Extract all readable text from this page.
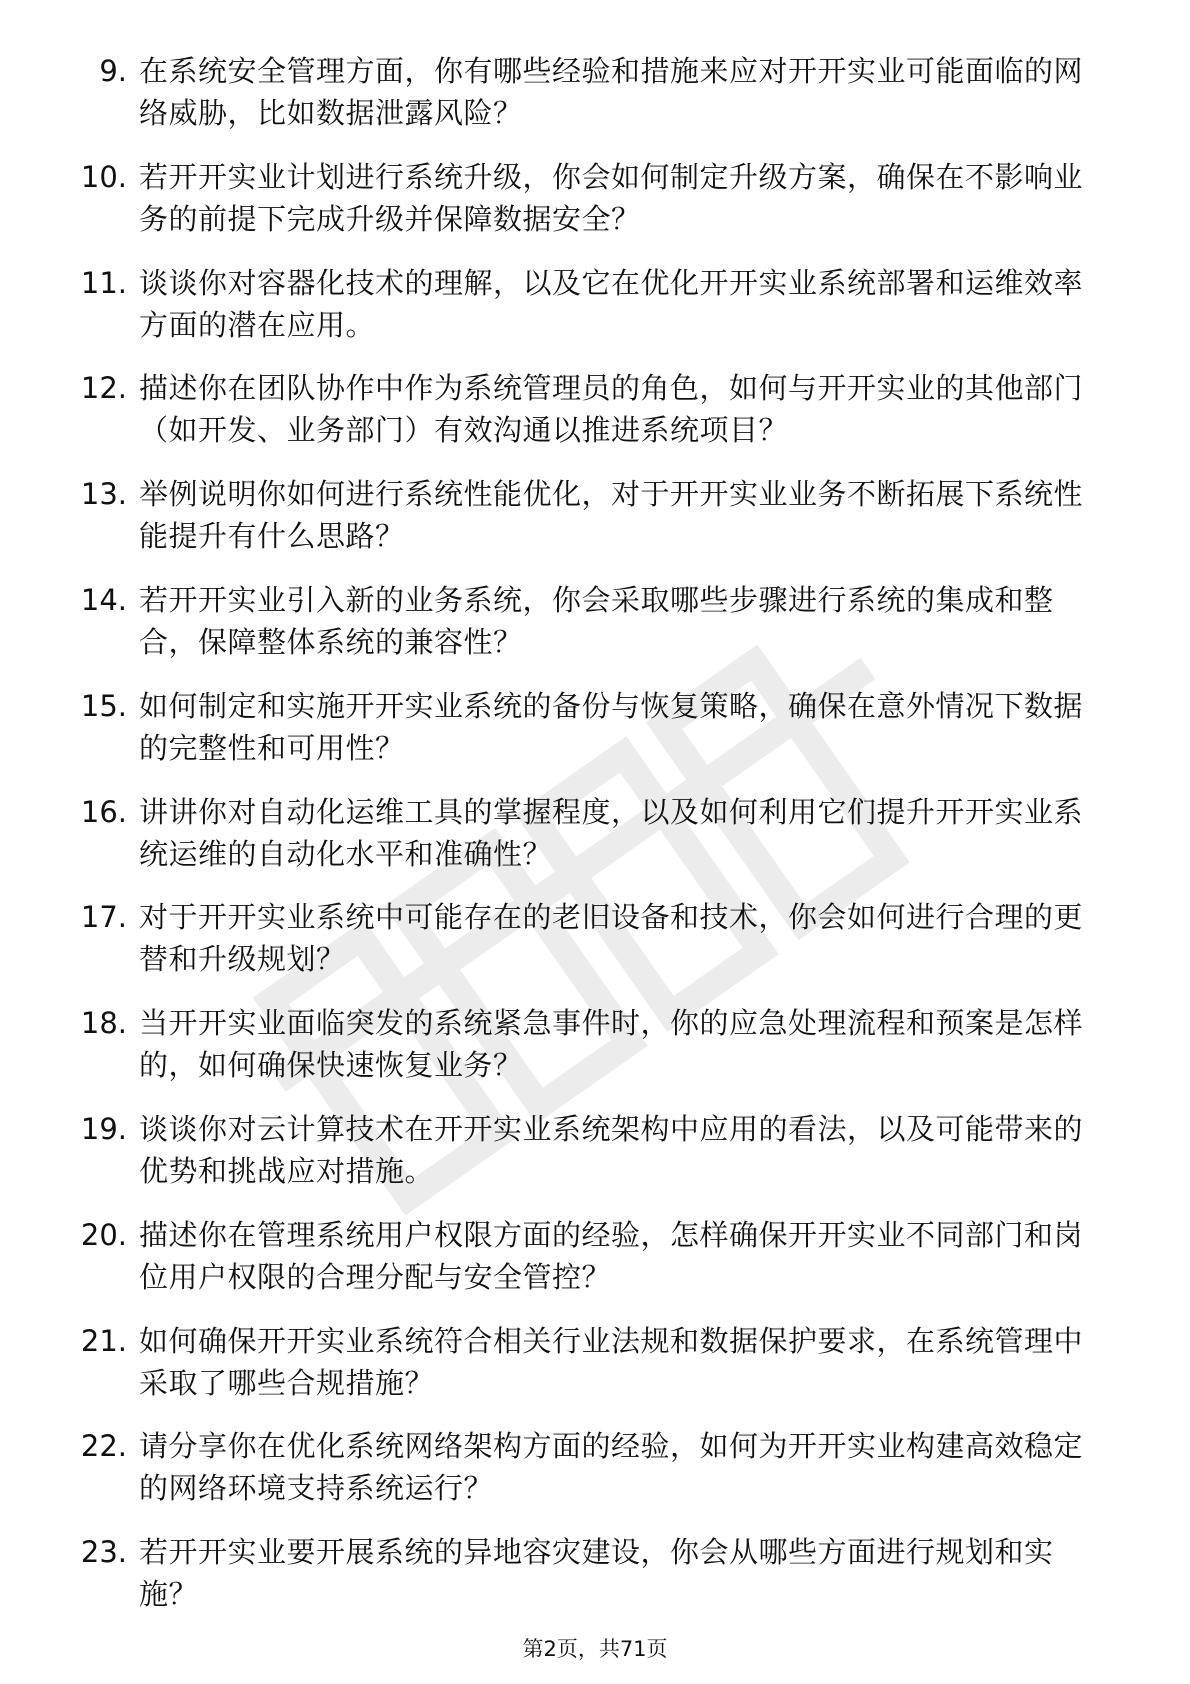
9. 在系统安全管理方面，你有哪些经验和措施来应对开开实业可能面临的网络威胁，比如数据泄露风险？
10. 若开开实业计划进行系统升级，你会如何制定升级方案，确保在不影响业务的前提下完成升级并保障数据安全？
11. 谈谈你对容器化技术的理解，以及它在优化开开实业系统部署和运维效率方面的潜在应用。
12. 描述你在团队协作中作为系统管理员的角色，如何与开开实业的其他部门（如开发、业务部门）有效沟通以推进系统项目？
13. 举例说明你如何进行系统性能优化，对于开开实业业务不断拓展下系统性能提升有什么思路？
14. 若开开实业引入新的业务系统，你会采取哪些步骤进行系统的集成和整合，保障整体系统的兼容性？
15. 如何制定和实施开开实业系统的备份与恢复策略，确保在意外情况下数据的完整性和可用性？
16. 讲讲你对自动化运维工具的掌握程度，以及如何利用它们提升开开实业系统运维的自动化水平和准确性？
17. 对于开开实业系统中可能存在的老旧设备和技术，你会如何进行合理的更替和升级规划？
18. 当开开实业面临突发的系统紧急事件时，你的应急处理流程和预案是怎样的，如何确保快速恢复业务？
19. 谈谈你对云计算技术在开开实业系统架构中应用的看法，以及可能带来的优势和挑战应对措施。
20. 描述你在管理系统用户权限方面的经验，怎样确保开开实业不同部门和岗位用户权限的合理分配与安全管控？
21. 如何确保开开实业系统符合相关行业法规和数据保护要求，在系统管理中采取了哪些合规措施？
22. 请分享你在优化系统网络架构方面的经验，如何为开开实业构建高效稳定的网络环境支持系统运行？
23. 若开开实业要开展系统的异地容灾建设，你会从哪些方面进行规划和实施？
第2页，共71页
